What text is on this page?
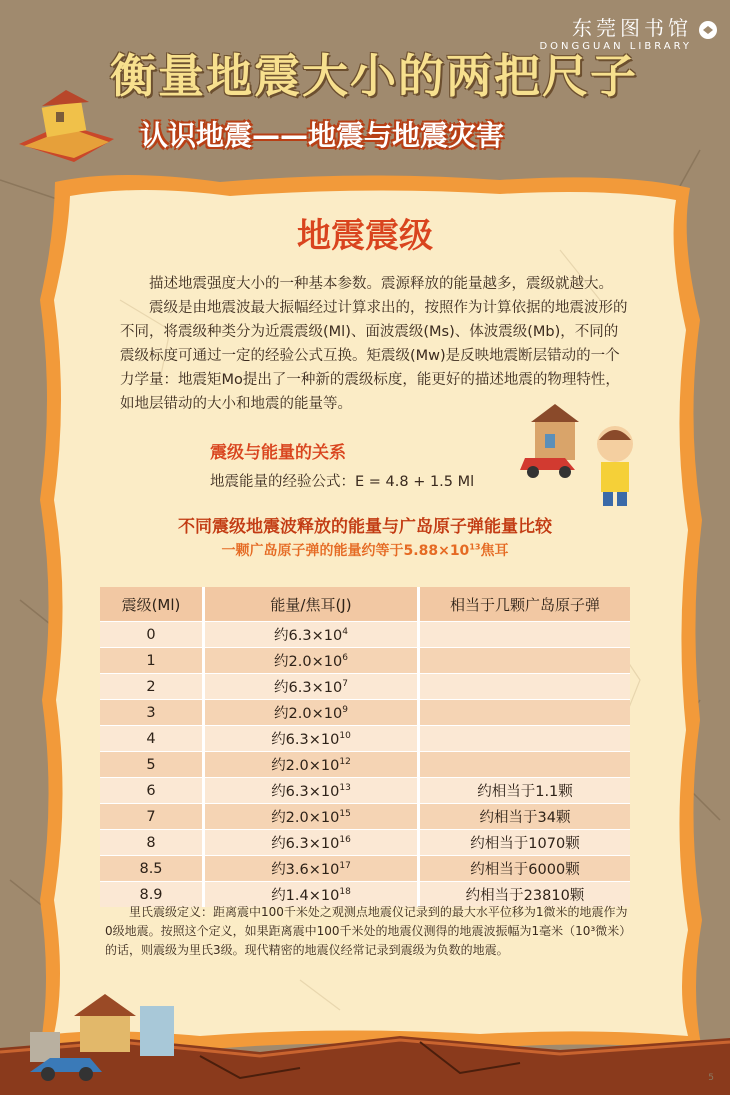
东莞图书馆
DONGGUAN LIBRARY
衡量地震大小的两把尺子
认识地震——地震与地震灾害
地震震级

描述地震强度大小的一种基本参数。震源释放的能量越多，震级就越大。

震级是由地震波最大振幅经过计算求出的，按照作为计算依据的地震波形的不同，将震级种类分为近震震级(Ml)、面波震级(Ms)、体波震级(Mb)，不同的震级标度可通过一定的经验公式互换。矩震级(Mw)是反映地震断层错动的一个力学量：地震矩Mo提出了一种新的震级标度，能更好的描述地震的物理特性，如地层错动的大小和地震的能量等。

震级与能量的关系
地震能量的经验公式：E = 4.8 + 1.5 Ml
不同震级地震波释放的能量与广岛原子弹能量比较
一颗广岛原子弹的能量约等于$5.88\times 10^{13}$焦耳
震级(Ml)	能量/焦耳(J)	相当于几颗广岛原子弹
0	约$6.3\times 10^4$	
1	约$2.0\times 10^6$	
2	约$6.3\times 10^7$	
3	约$2.0\times 10^9$	
4	约$6.3\times 10^{10}$	
5	约$2.0\times 10^{12}$	
6	约$6.3\times 10^{13}$	约相当于1.1颗
7	约$2.0\times 10^{15}$	约相当于34颗
8	约$6.3\times 10^{16}$	约相当于1070颗
8.5	约$3.6\times 10^{17}$	约相当于6000颗
8.9	约$1.4\times 10^{18}$	约相当于23810颗

里氏震级定义：距离震中100千米处之观测点地震仪记录到的最大水平位移为1微米的地震作为0级地震。按照这个定义，如果距离震中100千米处的地震仪测得的地震波振幅为1毫米（10³微米）的话，则震级为里氏3级。现代精密的地震仪经常记录到震级为负数的地震。

5
